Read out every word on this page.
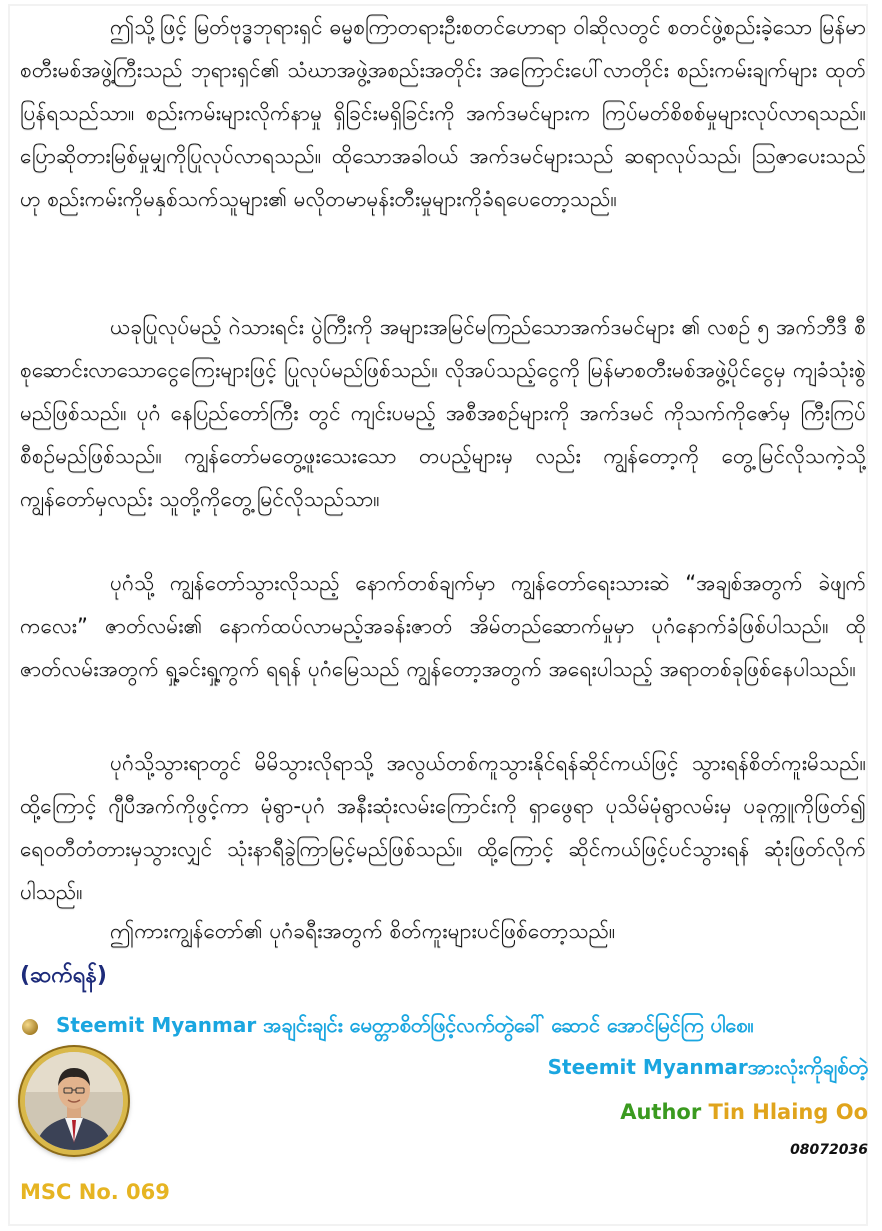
ဤသို့ဖြင့် မြတ်ဗုဒ္ဓဘုရားရှင် ဓမ္မစကြာတရားဦးစတင်ဟောရာ ဝါဆိုလတွင် စတင်ဖွဲ့စည်းခဲ့သော မြန်မာစတီးမစ်အဖွဲ့ကြီးသည် ဘုရားရှင်၏ သံဃာအဖွဲ့အစည်းအတိုင်း အကြောင်းပေါ်လာတိုင်း စည်းကမ်းချက်များ ထုတ်ပြန်ရသည်သာ။ စည်းကမ်းများလိုက်နာမှု ရှိခြင်းမရှိခြင်းကို အက်ဒမင်များက ကြပ်မတ်စိစစ်မှုများလုပ်လာရသည်။ ပြောဆိုတားမြစ်မှုမျှကိုပြုလုပ်လာရသည်။ ထိုသောအခါဝယ် အက်ဒမင်များသည် ဆရာလုပ်သည်၊ သြဇာပေးသည်ဟု စည်းကမ်းကိုမနှစ်သက်သူများ၏ မလိုတမာမုန်းတီးမှုများကိုခံရပေတော့သည်။
ယခုပြုလုပ်မည့် ဂဲသားရင်း ပွဲကြီးကို အများအမြင်မကြည်သောအက်ဒမင်များ ၏ လစဉ် ၅ အက်ဘီဒီ စီစုဆောင်းလာသောငွေကြေးများဖြင့် ပြုလုပ်မည်ဖြစ်သည်။ လိုအပ်သည့်ငွေကို မြန်မာစတီးမစ်အဖွဲ့ပိုင်ငွေမှ ကျခံသုံးစွဲမည်ဖြစ်သည်။ ပုဂံ နေပြည်တော်ကြီး တွင် ကျင်းပမည့် အစီအစဉ်များကို အက်ဒမင် ကိုသက်ကိုဇော်မှ ကြီးကြပ်စီစဉ်မည်ဖြစ်သည်။ ကျွန်တော်မတွေ့ဖူးသေးသော တပည့်များမှ လည်း ကျွန်တော့ကို တွေ့မြင်လိုသကဲ့သို့ ကျွန်တော်မှလည်း သူတို့ကိုတွေ့မြင်လိုသည်သာ။
ပုဂံသို့ ကျွန်တော်သွားလိုသည့် နောက်တစ်ချက်မှာ ကျွန်တော်ရေးသားဆဲ “အချစ်အတွက် ခဲဖျက်ကလေး” ဇာတ်လမ်း၏ နောက်ထပ်လာမည့်အခန်းဇာတ် အိမ်တည်ဆောက်မှုမှာ ပုဂံနောက်ခံဖြစ်ပါသည်။ ထိုဇာတ်လမ်းအတွက် ရှု့ခင်းရှု့ကွက် ရရန် ပုဂံမြေသည် ကျွန်တော့အတွက် အရေးပါသည့် အရာတစ်ခုဖြစ်နေပါသည်။
ပုဂံသို့သွားရာတွင် မိမိသွားလိုရာသို့ အလွယ်တစ်ကူသွားနိုင်ရန်ဆိုင်ကယ်ဖြင့် သွားရန်စိတ်ကူးမိသည်။ ထို့ကြောင့် ဂျီပီအက်ကိုဖွင့်ကာ မုံရွာ-ပုဂံ အနီးဆုံးလမ်းကြောင်းကို ရှာဖွေရာ ပုသိမ်မုံရွာလမ်းမှ ပခုက္ကူကိုဖြတ်၍ ရေဝတီတံတားမှသွားလျှင် သုံးနာရီခွဲကြာမြင့်မည်ဖြစ်သည်။ ထို့ကြောင့် ဆိုင်ကယ်ဖြင့်ပင်သွားရန် ဆုံးဖြတ်လိုက် ပါသည်။
ဤကားကျွန်တော်၏ ပုဂံခရီးအတွက် စိတ်ကူးများပင်ဖြစ်တော့သည်။
(ဆက်ရန်)
Steemit Myanmar အချင်းချင်း မေတ္တာစိတ်ဖြင့်လက်တွဲခေါ် ဆောင် အောင်မြင်ကြ ပါစေ။
Steemit Myanmarအားလုံးကိုချစ်တဲ့
Author Tin Hlaing Oo
08072036
MSC No. 069
